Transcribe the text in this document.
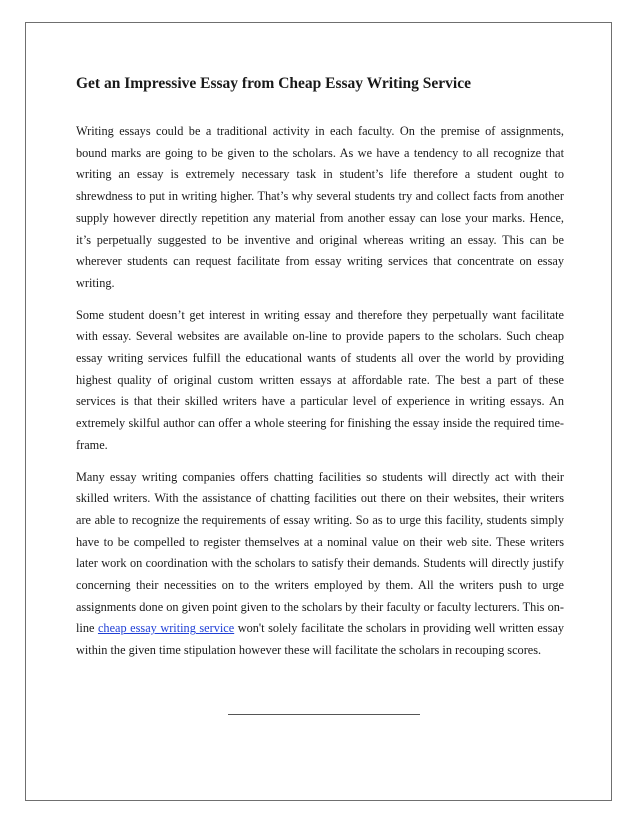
Get an Impressive Essay from Cheap Essay Writing Service

Writing essays could be a traditional activity in each faculty. On the premise of assignments, bound marks are going to be given to the scholars. As we have a tendency to all recognize that writing an essay is extremely necessary task in student’s life therefore a student ought to shrewdness to put in writing higher. That’s why several students try and collect facts from another supply however directly repetition any material from another essay can lose your marks. Hence, it’s perpetually suggested to be inventive and original whereas writing an essay. This can be wherever students can request facilitate from essay writing services that concentrate on essay writing.

Some student doesn’t get interest in writing essay and therefore they perpetually want facilitate with essay. Several websites are available on-line to provide papers to the scholars. Such cheap essay writing services fulfill the educational wants of students all over the world by providing highest quality of original custom written essays at affordable rate. The best a part of these services is that their skilled writers have a particular level of experience in writing essays. An extremely skilful author can offer a whole steering for finishing the essay inside the required time-frame.

Many essay writing companies offers chatting facilities so students will directly act with their skilled writers. With the assistance of chatting facilities out there on their websites, their writers are able to recognize the requirements of essay writing. So as to urge this facility, students simply have to be compelled to register themselves at a nominal value on their web site. These writers later work on coordination with the scholars to satisfy their demands. Students will directly justify concerning their necessities on to the writers employed by them. All the writers push to urge assignments done on given point given to the scholars by their faculty or faculty lecturers. This on-line cheap essay writing service won't solely facilitate the scholars in providing well written essay within the given time stipulation however these will facilitate the scholars in recouping scores.
